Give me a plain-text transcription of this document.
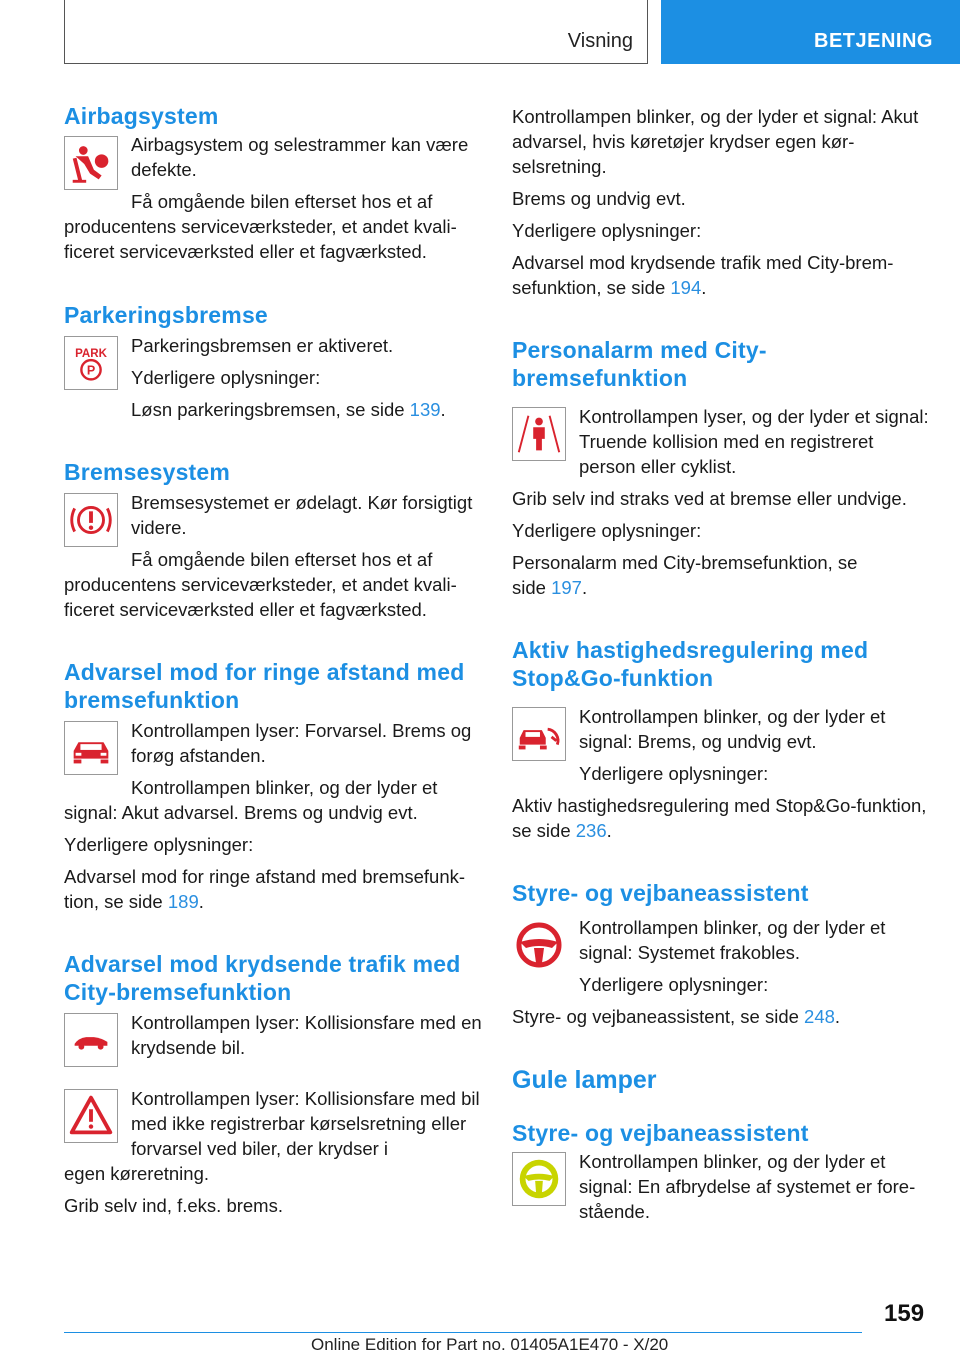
Visning	BETJENING
Airbagsystem

Airbagsystem og selestrammer kan være defekte.

Få omgående bilen efterset hos et af

producentens serviceværksteder, et andet kvalificeret serviceværksted eller et fagværksted.

Parkeringsbremse
PARK
P

Parkeringsbremsen er aktiveret.

Yderligere oplysninger:

Løsn parkeringsbremsen, se side 139.

Bremsesystem

Bremsesystemet er ødelagt. Kør forsigtigt videre.

Få omgående bilen efterset hos et af

producentens serviceværksteder, et andet kvalificeret serviceværksted eller et fagværksted.

Advarsel mod for ringe afstand med bremsefunktion

Kontrollampen lyser: Forvarsel. Brems og forøg afstanden.

Kontrollampen blinker, og der lyder et

signal: Akut advarsel. Brems og undvig evt.

Yderligere oplysninger:

Advarsel mod for ringe afstand med bremsefunktion, se side 189.

Advarsel mod krydsende trafik med City-bremsefunktion

Kontrollampen lyser: Kollisionsfare med en krydsende bil.

Kontrollampen lyser: Kollisionsfare med bil med ikke registrerbar kørselsretning eller forvarsel ved biler, der krydser i

egen køreretning.

Grib selv ind, f.eks. brems.

Kontrollampen blinker, og der lyder et signal: Akut advarsel, hvis køretøjer krydser egen kørselsretning.

Brems og undvig evt.

Yderligere oplysninger:

Advarsel mod krydsende trafik med City-bremsefunktion, se side 194.

Personalarm med City-bremsefunktion

Kontrollampen lyser, og der lyder et signal: Truende kollision med en registreret person eller cyklist.

Grib selv ind straks ved at bremse eller undvige.

Yderligere oplysninger:

Personalarm med City-bremsefunktion, se side 197.

Aktiv hastighedsregulering med Stop&Go-funktion

Kontrollampen blinker, og der lyder et signal: Brems, og undvig evt.

Yderligere oplysninger:

Aktiv hastighedsregulering med Stop&Go-funktion, se side 236.

Styre- og vejbaneassistent

Kontrollampen blinker, og der lyder et signal: Systemet frakobles.

Yderligere oplysninger:

Styre- og vejbaneassistent, se side 248.

Gule lamper
Styre- og vejbaneassistent

Kontrollampen blinker, og der lyder et signal: En afbrydelse af systemet er forestående.

159
Online Edition for Part no. 01405A1E470 - X/20
